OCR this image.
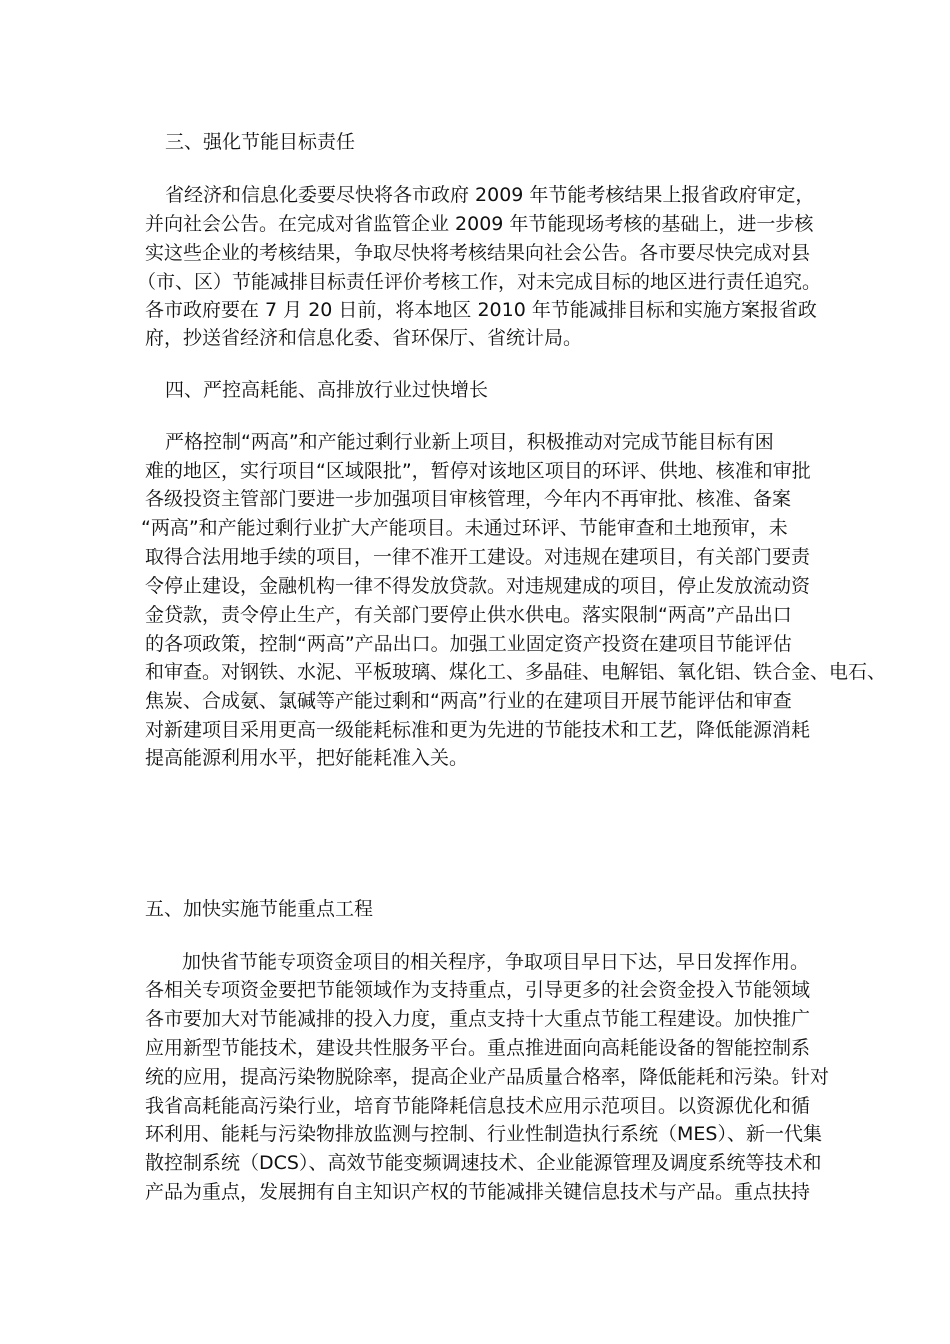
三、强化节能目标责任
省经济和信息化委要尽快将各市政府 2009 年节能考核结果上报省政府审定，
并向社会公告。在完成对省监管企业 2009 年节能现场考核的基础上，进一步核
实这些企业的考核结果，争取尽快将考核结果向社会公告。各市要尽快完成对县
（市、区）节能减排目标责任评价考核工作，对未完成目标的地区进行责任追究。
各市政府要在 7 月 20 日前，将本地区 2010 年节能减排目标和实施方案报省政
府，抄送省经济和信息化委、省环保厅、省统计局。
四、严控高耗能、高排放行业过快增长
严格控制“两高”和产能过剩行业新上项目，积极推动对完成节能目标有困
难的地区，实行项目“区域限批”，暂停对该地区项目的环评、供地、核准和审批
各级投资主管部门要进一步加强项目审核管理，今年内不再审批、核准、备案
“两高”和产能过剩行业扩大产能项目。未通过环评、节能审查和土地预审，未
取得合法用地手续的项目，一律不准开工建设。对违规在建项目，有关部门要责
令停止建设，金融机构一律不得发放贷款。对违规建成的项目，停止发放流动资
金贷款，责令停止生产，有关部门要停止供水供电。落实限制“两高”产品出口
的各项政策，控制“两高”产品出口。加强工业固定资产投资在建项目节能评估
和审查。对钢铁、水泥、平板玻璃、煤化工、多晶硅、电解铝、氧化铝、铁合金、电石、
焦炭、合成氨、氯碱等产能过剩和“两高”行业的在建项目开展节能评估和审查
对新建项目采用更高一级能耗标准和更为先进的节能技术和工艺，降低能源消耗
提高能源利用水平，把好能耗准入关。
五、加快实施节能重点工程
加快省节能专项资金项目的相关程序，争取项目早日下达，早日发挥作用。
各相关专项资金要把节能领域作为支持重点，引导更多的社会资金投入节能领域
各市要加大对节能减排的投入力度，重点支持十大重点节能工程建设。加快推广
应用新型节能技术，建设共性服务平台。重点推进面向高耗能设备的智能控制系
统的应用，提高污染物脱除率，提高企业产品质量合格率，降低能耗和污染。针对
我省高耗能高污染行业，培育节能降耗信息技术应用示范项目。以资源优化和循
环利用、能耗与污染物排放监测与控制、行业性制造执行系统（MES）、新一代集
散控制系统（DCS）、高效节能变频调速技术、企业能源管理及调度系统等技术和
产品为重点，发展拥有自主知识产权的节能减排关键信息技术与产品。重点扶持
